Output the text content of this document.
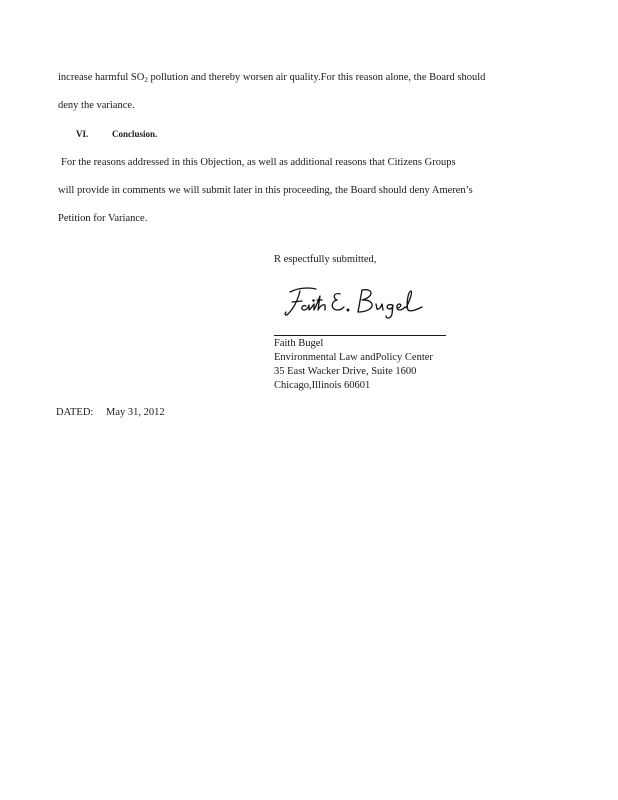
increase harmful $SO_2$ pollution and thereby worsen air quality.For this reason alone, the Board should
deny the variance.
VI.	Conclusion.
For the reasons addressed in this Objection, as well as additional reasons that Citizens Groups
will provide in comments we will submit later in this proceeding, the Board should deny Ameren’s
Petition for Variance.
R espectfully submitted,
Faith Bugel
Environmental Law andPolicy Center
35 East Wacker Drive, Suite 1600
Chicago,Illinois 60601
DATED: May 31, 2012
